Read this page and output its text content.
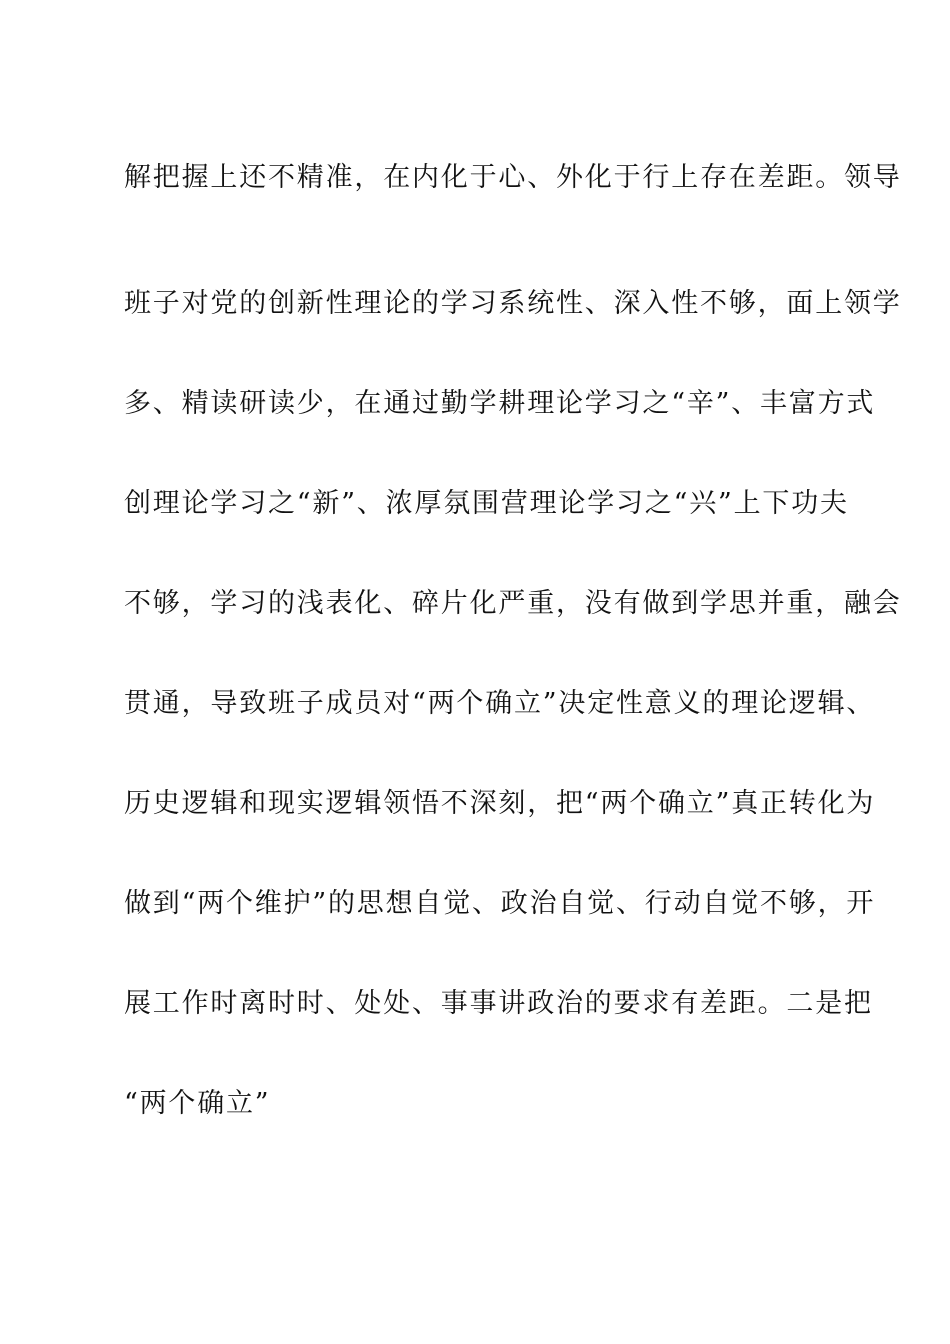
解把握上还不精准，在内化于心、外化于行上存在差距。领导
班子对党的创新性理论的学习系统性、深入性不够，面上领学
多、精读研读少，在通过勤学耕理论学习之“辛”、丰富方式
创理论学习之“新”、浓厚氛围营理论学习之“兴”上下功夫
不够，学习的浅表化、碎片化严重，没有做到学思并重，融会
贯通，导致班子成员对“两个确立”决定性意义的理论逻辑、
历史逻辑和现实逻辑领悟不深刻，把“两个确立”真正转化为
做到“两个维护”的思想自觉、政治自觉、行动自觉不够，开
展工作时离时时、处处、事事讲政治的要求有差距。二是把
“两个确立”
